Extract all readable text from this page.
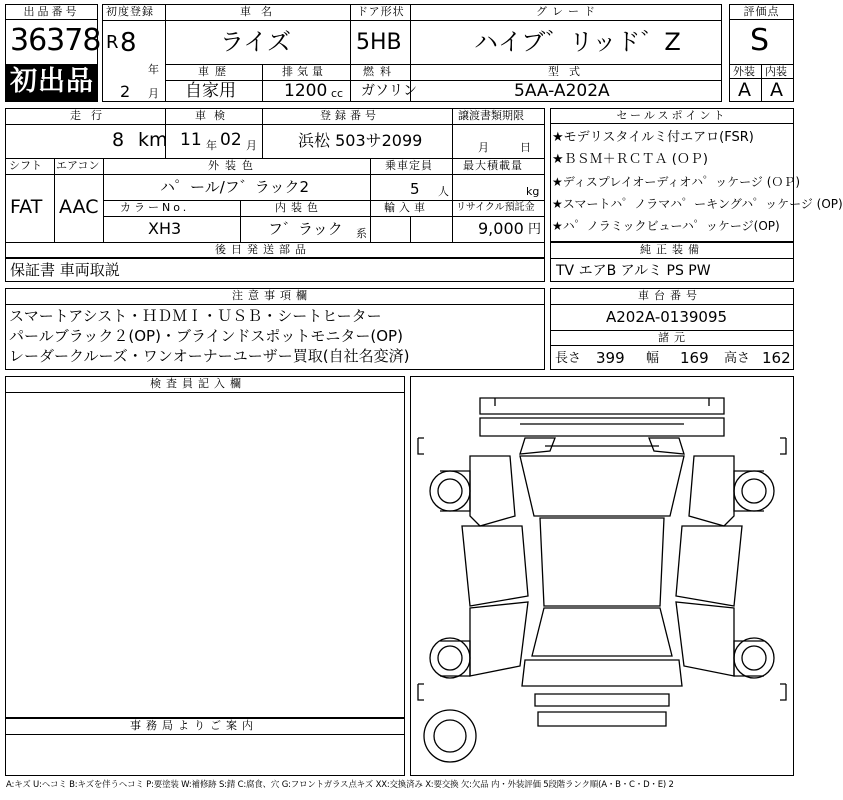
出品番号
36378
初出品
初度登録
R 8
年
2 月
車名
ライズ
ドア形状
5HB
グレード
ハイブ゛リッド゛Z
車歴
自家用
排気量
1200 cc
燃料
ガソリン
型式
5AA-A202A
評価点
S
外装 内装
A A
走行
8 km
車検
11 年 02 月
登録番号
浜松 503サ2099
譲渡書類期限
月	日
シフト エアコン
FAT AAC
外装色
ハ゜ール/フ゛ラック2
乗車定員
5 人
最大積載量
kg
カラーNo.
XH3
内装色
フ゛ラック 系
輸入車	リサイクル預託金
9,000 円
後日発送部品
保証書 車両取説
セールスポイント
★モデリスタイルミ付エアロ(FSR)
★ＢＳＭ＋ＲＣＴＡ (ＯＰ)
★ディスプレイオーディオハ゜ッケージ (ＯＰ)
★スマートハ゜ノラマハ゜ーキングハ゜ッケージ (OP)
★ハ゜ノラミックビューハ゜ッケージ(OP)
純正装備
TV エアB アルミ PS PW
注意事項欄
スマートアシスト・ＨＤＭＩ・ＵＳＢ・シートヒーター
パールブラック２(OP)・ブラインドスポットモニター(OP)
レーダークルーズ・ワンオーナーユーザー買取(自社名変済)
車台番号
A202A-0139095
諸元
長さ 399 幅 169 高さ 162
検査員記入欄
事務局よりご案内
A:キズ U:ヘコミ B:キズを伴うヘコミ P:要塗装 W:補修跡 S:錆 C:腐食、穴 G:フロントガラス点キズ XX:交換済み X:要交換 欠:欠品 内・外装評価 5段階ランク順(A・B・C・D・E) 2
